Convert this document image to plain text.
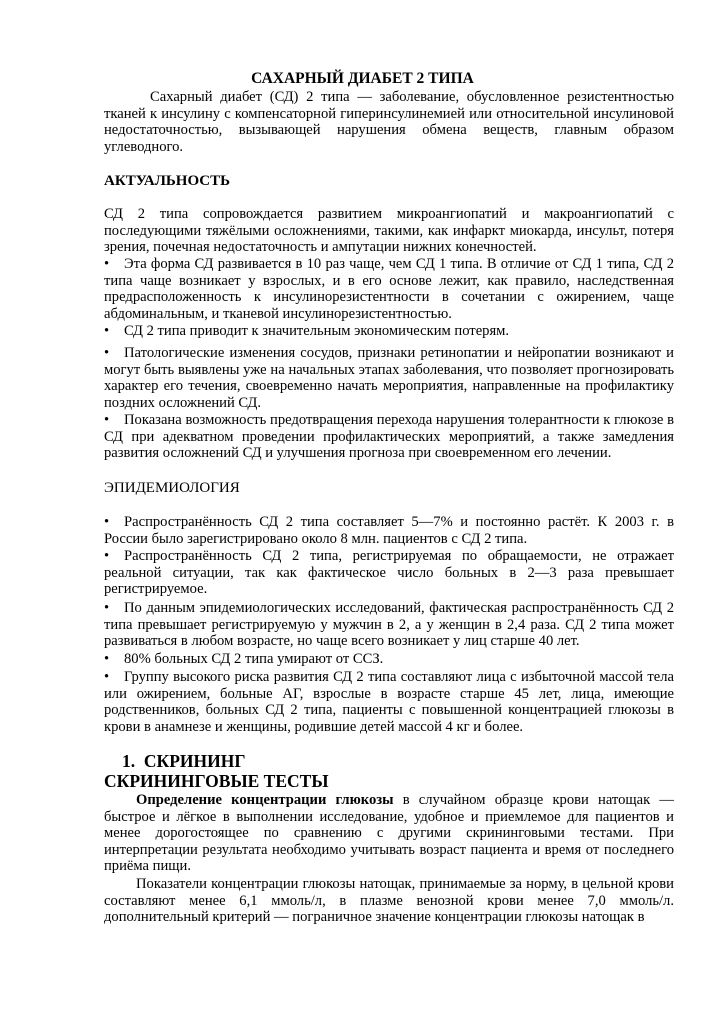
САХАРНЫЙ ДИАБЕТ 2 ТИПА
Сахарный диабет (СД) 2 типа — заболевание, обусловленное резистентностью тканей к инсулину с компенсаторной гиперинсулинемией или относительной инсулиновой недостаточностью, вызывающей нарушения обмена веществ, главным образом углеводного.
АКТУАЛЬНОСТЬ
СД 2 типа сопровождается развитием микроангиопатий и макроангиопатий с последующими тяжёлыми осложнениями, такими, как инфаркт миокарда, инсульт, потеря зрения, почечная недостаточность и ампутации нижних конечностей.
•	Эта форма СД развивается в 10 раз чаще, чем СД 1 типа. В отличие от СД 1 типа, СД 2 типа чаще возникает у взрослых, и в его основе лежит, как правило, наследственная предрасположенность к инсулинорезистентности в сочетании с ожирением, чаще абдоминальным, и тканевой инсулинорезистентностью.
•	СД 2 типа приводит к значительным экономическим потерям.
•	Патологические изменения сосудов, признаки ретинопатии и нейропатии возникают и могут быть выявлены уже на начальных этапах заболевания, что позволяет прогнозировать характер его течения, своевременно начать мероприятия, направленные на профилактику поздних осложнений СД.
•	Показана возможность предотвращения перехода нарушения толерантности к глюкозе в СД при адекватном проведении профилактических мероприятий, а также замедления развития осложнений СД и улучшения прогноза при своевременном его лечении.
ЭПИДЕМИОЛОГИЯ
•	Распространённость СД 2 типа составляет 5—7% и постоянно растёт. К 2003 г. в России было зарегистрировано около 8 млн. пациентов с СД 2 типа.
•	Распространённость СД 2 типа, регистрируемая по обращаемости, не отражает реальной ситуации, так как фактическое число больных в 2—3 раза превышает регистрируемое.
•	По данным эпидемиологических исследований, фактическая распространённость СД 2 типа превышает регистрируемую у мужчин в 2, а у женщин в 2,4 раза. СД 2 типа может развиваться в любом возрасте, но чаще всего возникает у лиц старше 40 лет.
•	80% больных СД 2 типа умирают от ССЗ.
•	Группу высокого риска развития СД 2 типа составляют лица с избыточной массой тела или ожирением, больные АГ, взрослые в возрасте старше 45 лет, лица, имеющие родственников, больных СД 2 типа, пациенты с повышенной концентрацией глюкозы в крови в анамнезе и женщины, родившие детей массой 4 кг и более.
1. СКРИНИНГ
СКРИНИНГОВЫЕ ТЕСТЫ
Определение концентрации глюкозы в случайном образце крови натощак — быстрое и лёгкое в выполнении исследование, удобное и приемлемое для пациентов и менее дорогостоящее по сравнению с другими скрининговыми тестами. При интерпретации результата необходимо учитывать возраст пациента и время от последнего приёма пищи.
Показатели концентрации глюкозы натощак, принимаемые за норму, в цельной крови составляют менее 6,1 ммоль/л, в плазме венозной крови менее 7,0 ммоль/л. дополнительный критерий — пограничное значение концентрации глюкозы натощак в
